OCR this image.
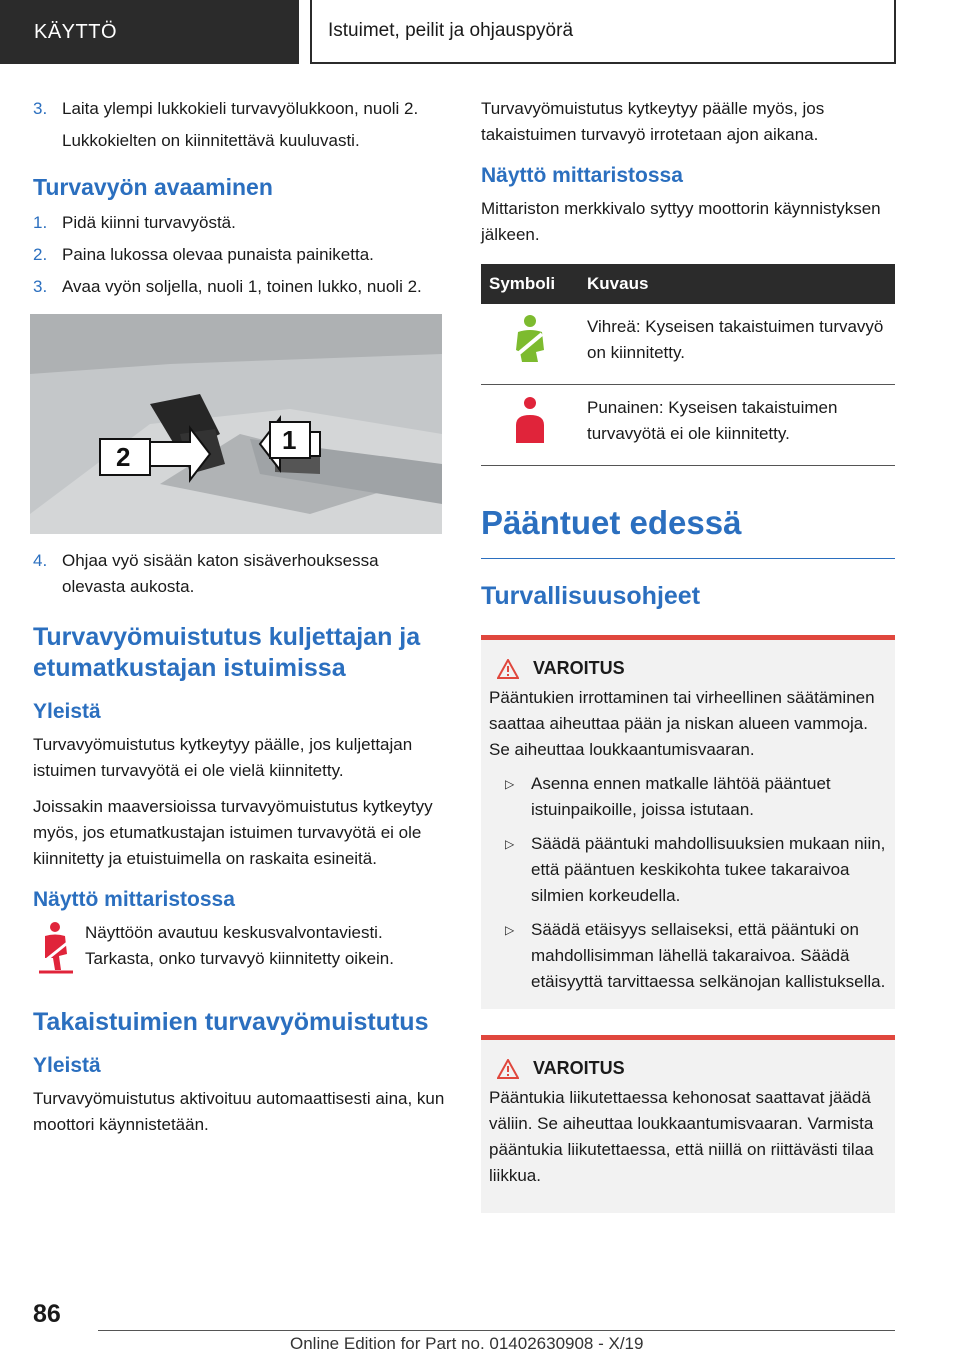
KÄYTTÖ	Istuimet, peilit ja ohjauspyörä
3. Laita ylempi lukkokieli turvavyölukkoon, nuoli 2.

Lukkokielten on kiinnitettävä kuuluvasti.

Turvavyön avaaminen
1. Pidä kiinni turvavyöstä.
2. Paina lukossa olevaa punaista painiketta.
3. Avaa vyön soljella, nuoli 1, toinen lukko, nuoli 2.
2
1
4. Ohjaa vyö sisään katon sisäverhouksessa olevasta aukosta.
Turvavyömuistutus kuljettajan ja etumatkustajan istuimissa
Yleistä

Turvavyömuistutus kytkeytyy päälle, jos kuljettajan istuimen turvavyötä ei ole vielä kiinnitetty.

Joissakin maaversioissa turvavyömuistutus kytkeytyy myös, jos etumatkustajan istuimen turvavyötä ei ole kiinnitetty ja etuistuimella on raskaita esineitä.

Näyttö mittaristossa

Näyttöön avautuu keskusvalvontaviesti. Tarkasta, onko turvavyö kiinnitetty oikein.

Takaistuimien turvavyömuistutus
Yleistä

Turvavyömuistutus aktivoituu automaattisesti aina, kun moottori käynnistetään.

Turvavyömuistutus kytkeytyy päälle myös, jos takaistuimen turvavyö irrotetaan ajon aikana.

Näyttö mittaristossa

Mittariston merkkivalo syttyy moottorin käynnistyksen jälkeen.

Symboli	Kuvaus
	Vihreä: Kyseisen takaistuimen turvavyö on kiinnitetty.
	Punainen: Kyseisen takaistuimen turvavyötä ei ole kiinnitetty.
Pääntuet edessä
Turvallisuusohjeet
VAROITUS

Pääntukien irrottaminen tai virheellinen säätäminen saattaa aiheuttaa pään ja niskan alueen vammoja. Se aiheuttaa loukkaantumisvaaran.

▷ Asenna ennen matkalle lähtöä pääntuet istuinpaikoille, joissa istutaan.
▷ Säädä pääntuki mahdollisuuksien mukaan niin, että pääntuen keskikohta tukee takaraivoa silmien korkeudella.
▷ Säädä etäisyys sellaiseksi, että pääntuki on mahdollisimman lähellä takaraivoa. Säädä etäisyyttä tarvittaessa selkänojan kallistuksella.
VAROITUS

Pääntukia liikutettaessa kehonosat saattavat jäädä väliin. Se aiheuttaa loukkaantumisvaaran. Varmista pääntukia liikutettaessa, että niillä on riittävästi tilaa liikkua.

86
Online Edition for Part no. 01402630908 - X/19
